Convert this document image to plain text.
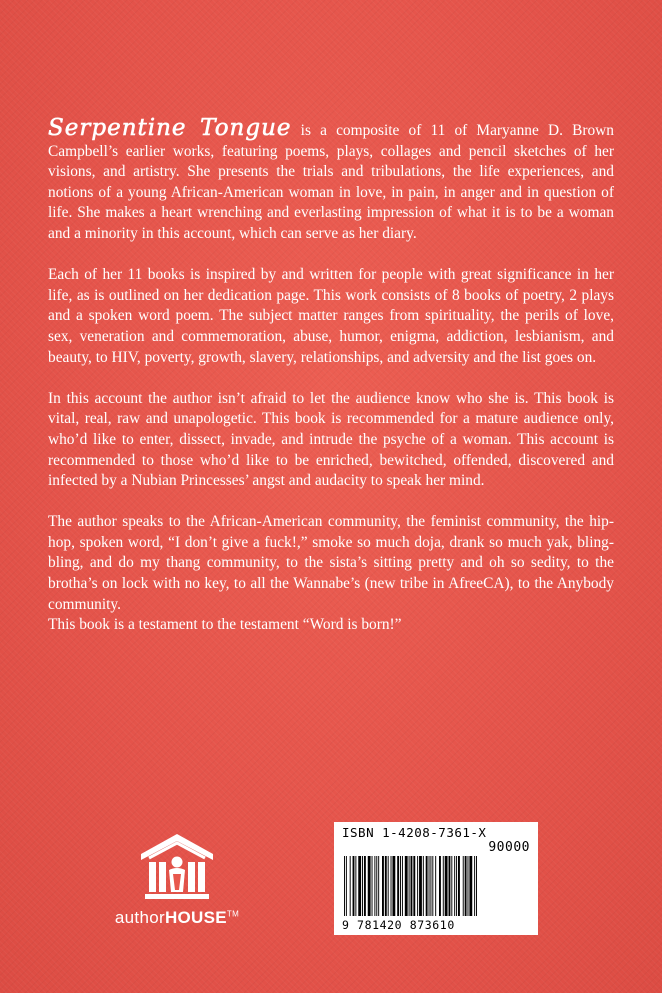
Serpentine Tongue is a composite of 11 of Maryanne D. Brown Campbell’s earlier works, featuring poems, plays, collages and pencil sketches of her visions, and artistry. She presents the trials and tribulations, the life experiences, and notions of a young African-American woman in love, in pain, in anger and in question of life. She makes a heart wrenching and everlasting impression of what it is to be a woman and a minority in this account, which can serve as her diary.

Each of her 11 books is inspired by and written for people with great significance in her life, as is outlined on her dedication page. This work consists of 8 books of poetry, 2 plays and a spoken word poem. The subject matter ranges from spirituality, the perils of love, sex, veneration and commemoration, abuse, humor, enigma, addiction, lesbianism, and beauty, to HIV, poverty, growth, slavery, relationships, and adversity and the list goes on.

In this account the author isn’t afraid to let the audience know who she is. This book is vital, real, raw and unapologetic. This book is recommended for a mature audience only, who’d like to enter, dissect, invade, and intrude the psyche of a woman. This account is recommended to those who’d like to be enriched, bewitched, offended, discovered and infected by a Nubian Princesses’ angst and audacity to speak her mind.

The author speaks to the African-American community, the feminist community, the hip-hop, spoken word, “I don’t give a fuck!,” smoke so much doja, drank so much yak, bling-bling, and do my thang community, to the sista’s sitting pretty and oh so sedity, to the brotha’s on lock with no key, to all the Wannabe’s (new tribe in AfreeCA), to the Anybody community.

This book is a testament to the testament “Word is born!”

authorHOUSE™
ISBN 1-4208-7361-X
90000
9 781420 873610
